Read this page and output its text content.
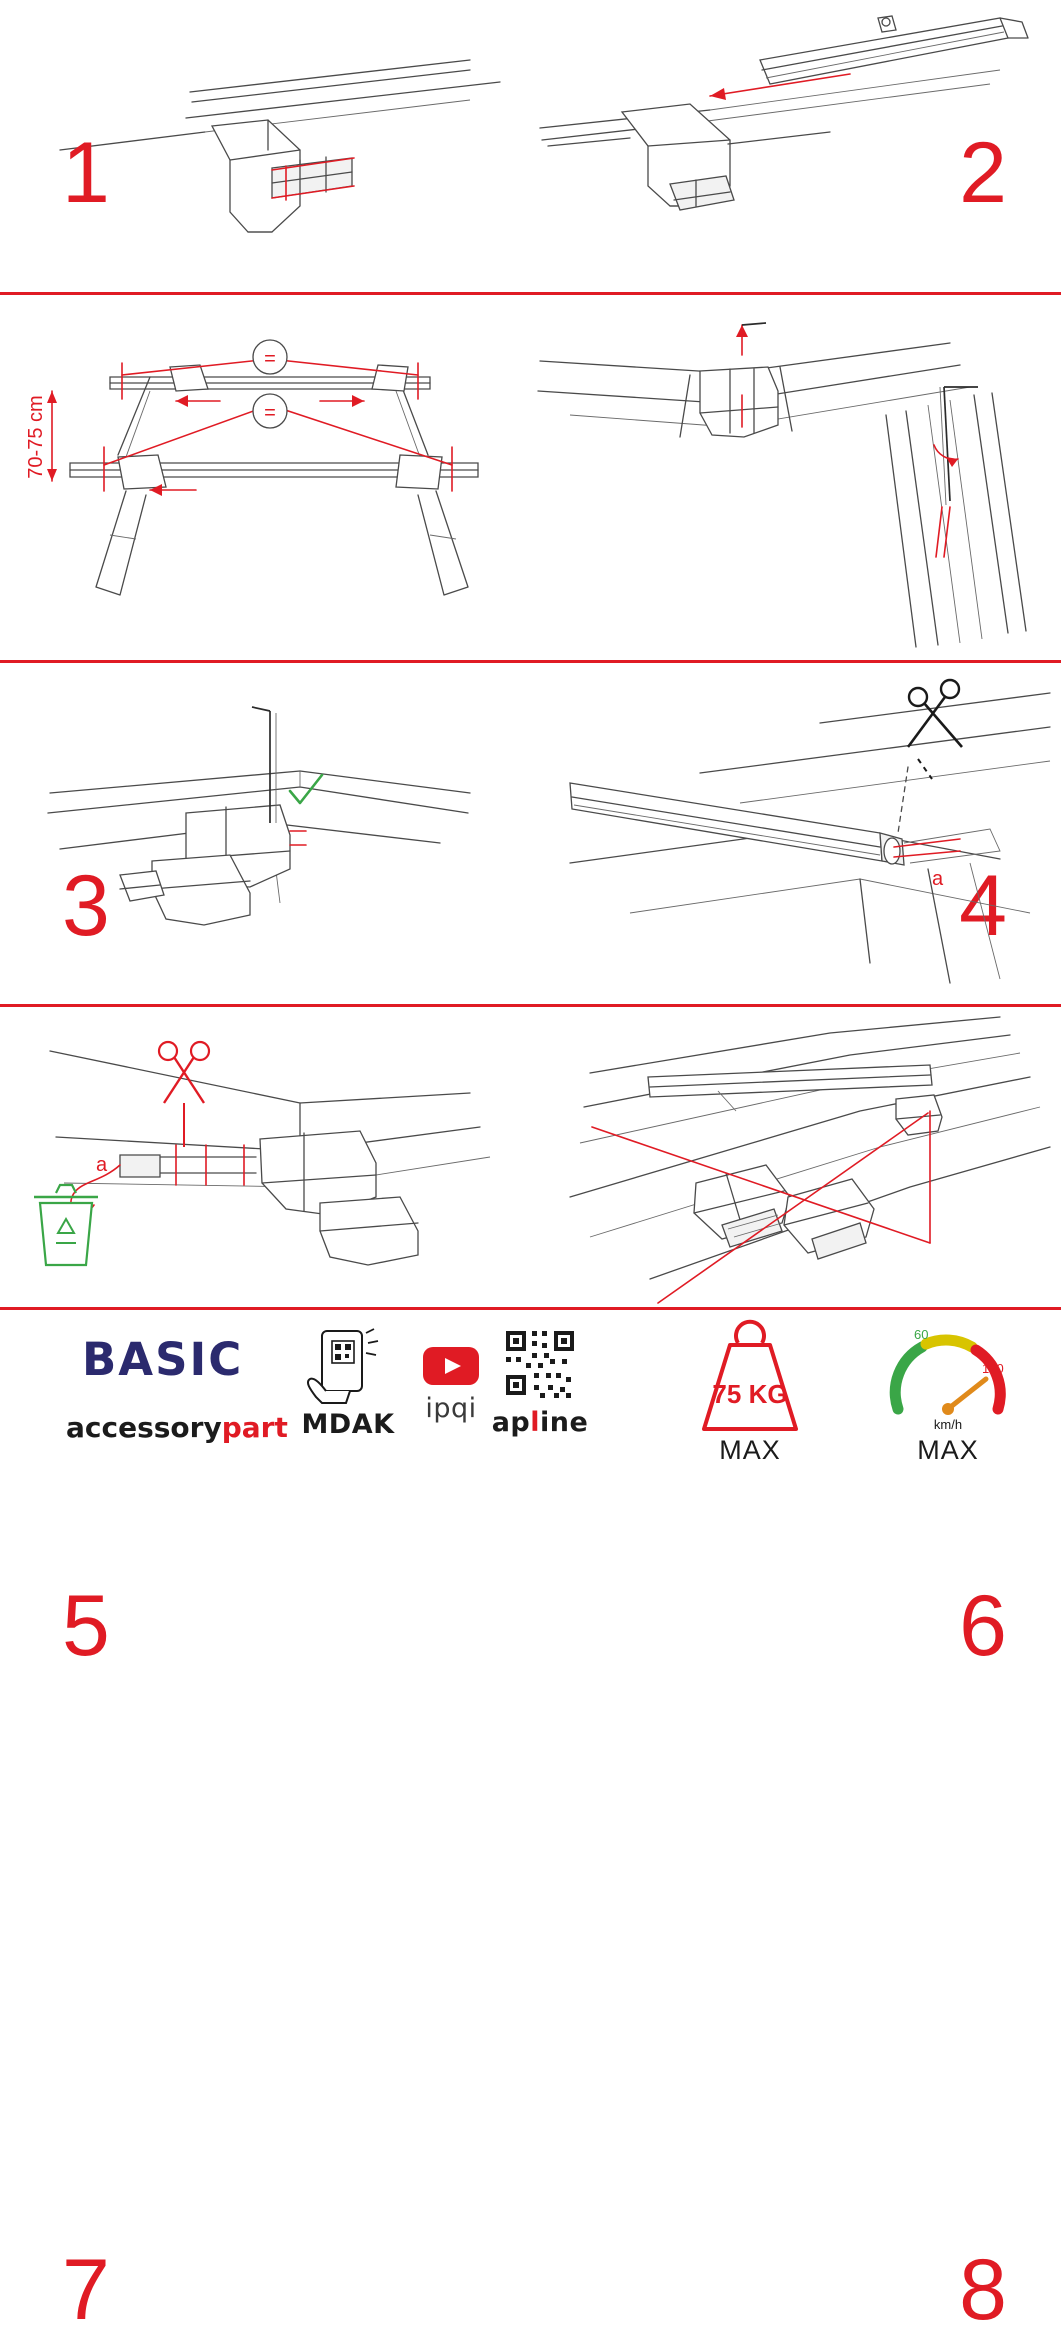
1	2
=
=
70-75 cm
3	4
5
a
6
a
7	8
BASIC
accessorypart MDAK
ipqi apline
75 KG
MAX
60
120
km/h
MAX
